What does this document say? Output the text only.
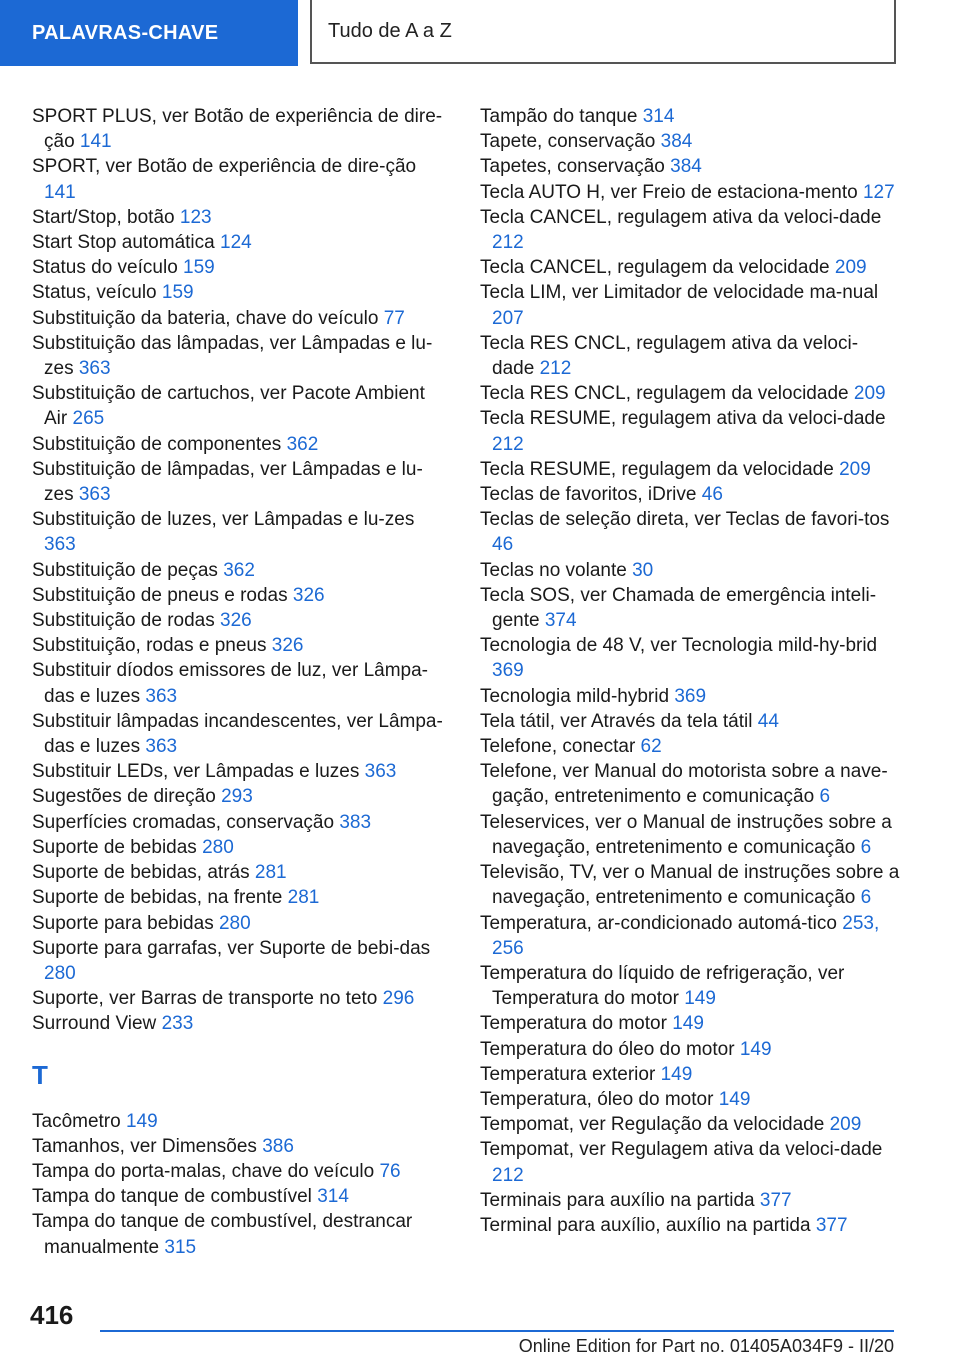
PALAVRAS-CHAVE	Tudo de A a Z
SPORT PLUS, ver Botão de experiência de dire-ção 141
SPORT, ver Botão de experiência de dire-ção 141
Start/Stop, botão 123
Start Stop automática 124
Status do veículo 159
Status, veículo 159
Substituição da bateria, chave do veículo 77
Substituição das lâmpadas, ver Lâmpadas e lu-zes 363
Substituição de cartuchos, ver Pacote Ambient Air 265
Substituição de componentes 362
Substituição de lâmpadas, ver Lâmpadas e lu-zes 363
Substituição de luzes, ver Lâmpadas e lu-zes 363
Substituição de peças 362
Substituição de pneus e rodas 326
Substituição de rodas 326
Substituição, rodas e pneus 326
Substituir díodos emissores de luz, ver Lâmpa-das e luzes 363
Substituir lâmpadas incandescentes, ver Lâmpa-das e luzes 363
Substituir LEDs, ver Lâmpadas e luzes 363
Sugestões de direção 293
Superfícies cromadas, conservação 383
Suporte de bebidas 280
Suporte de bebidas, atrás 281
Suporte de bebidas, na frente 281
Suporte para bebidas 280
Suporte para garrafas, ver Suporte de bebi-das 280
Suporte, ver Barras de transporte no teto 296
Surround View 233
T
Tacômetro 149
Tamanhos, ver Dimensões 386
Tampa do porta-malas, chave do veículo 76
Tampa do tanque de combustível 314
Tampa do tanque de combustível, destrancar manualmente 315
Tampão do tanque 314
Tapete, conservação 384
Tapetes, conservação 384
Tecla AUTO H, ver Freio de estaciona-mento 127
Tecla CANCEL, regulagem ativa da veloci-dade 212
Tecla CANCEL, regulagem da velocidade 209
Tecla LIM, ver Limitador de velocidade ma-nual 207
Tecla RES CNCL, regulagem ativa da veloci-dade 212
Tecla RES CNCL, regulagem da velocidade 209
Tecla RESUME, regulagem ativa da veloci-dade 212
Tecla RESUME, regulagem da velocidade 209
Teclas de favoritos, iDrive 46
Teclas de seleção direta, ver Teclas de favori-tos 46
Teclas no volante 30
Tecla SOS, ver Chamada de emergência inteli-gente 374
Tecnologia de 48 V, ver Tecnologia mild-hy-brid 369
Tecnologia mild-hybrid 369
Tela tátil, ver Através da tela tátil 44
Telefone, conectar 62
Telefone, ver Manual do motorista sobre a nave-gação, entretenimento e comunicação 6
Teleservices, ver o Manual de instruções sobre a navegação, entretenimento e comunicação 6
Televisão, TV, ver o Manual de instruções sobre a navegação, entretenimento e comunicação 6
Temperatura, ar-condicionado automá-tico 253, 256
Temperatura do líquido de refrigeração, ver Temperatura do motor 149
Temperatura do motor 149
Temperatura do óleo do motor 149
Temperatura exterior 149
Temperatura, óleo do motor 149
Tempomat, ver Regulação da velocidade 209
Tempomat, ver Regulagem ativa da veloci-dade 212
Terminais para auxílio na partida 377
Terminal para auxílio, auxílio na partida 377
416
Online Edition for Part no. 01405A034F9 - II/20
